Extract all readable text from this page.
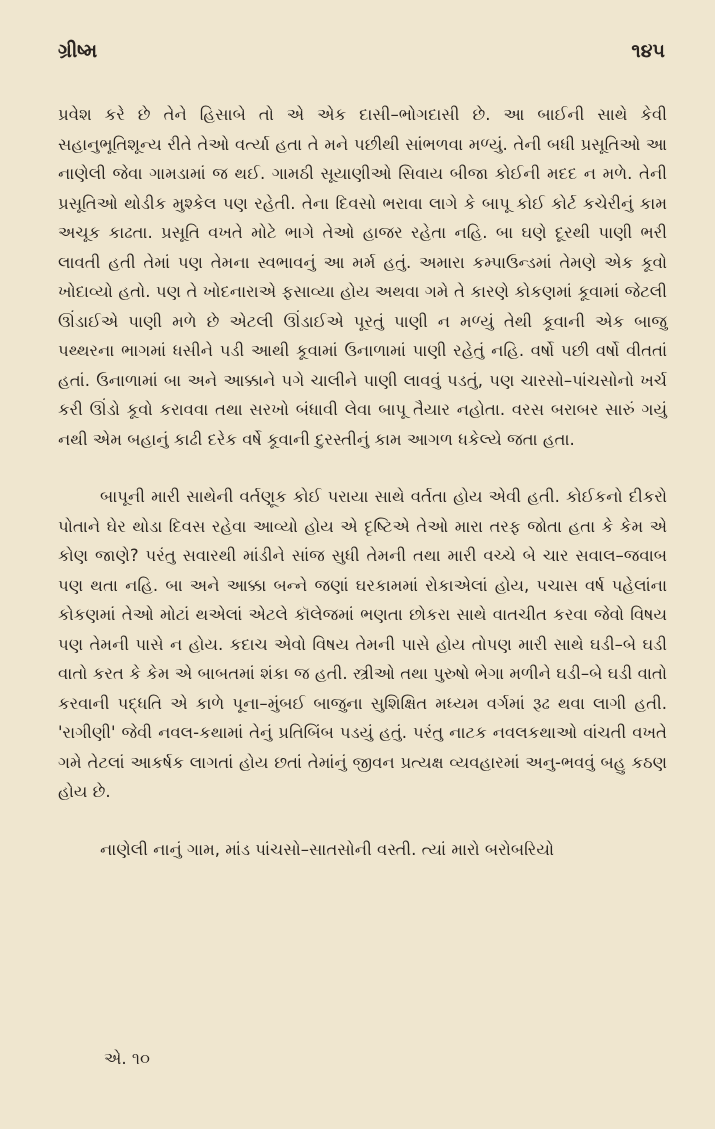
ગ્રીષ્મ	૧૪૫

પ્રવેશ કરે છે તેને હિસાબે તો એ એક દાસી–ભોગદાસી છે. આ બાઈની સાથે કેવી સહાનુભૂતિશૂન્ય રીતે તેઓ વર્ત્યા હતા તે મને પછીથી સાંભળવા મળ્યું. તેની બધી પ્રસૂતિઓ આ નાણેલી જેવા ગામડામાં જ થઈ. ગામઠી સૂયાણીઓ સિવાય બીજા કોઈની મદદ ન મળે. તેની પ્રસૂતિઓ થોડીક મુશ્કેલ પણ રહેતી. તેના દિવસો ભરાવા લાગે કે બાપૂ કોઈ કોર્ટ કચેરીનું કામ અચૂક કાઢતા. પ્રસૂતિ વખતે મોટે ભાગે તેઓ હાજર રહેતા નહિ. બા ઘણે દૂરથી પાણી ભરી લાવતી હતી તેમાં પણ તેમના સ્વભાવનું આ મર્મ હતું. અમારા કમ્પાઉન્ડમાં તેમણે એક કૂવો ખોદાવ્યો હતો. પણ તે ખોદનારાએ ફસાવ્યા હોય અથવા ગમે તે કારણે કોકણમાં કૂવામાં જેટલી ઊંડાઈએ પાણી મળે છે એટલી ઊંડાઈએ પૂરતું પાણી ન મળ્યું તેથી કૂવાની એક બાજુ પથ્થરના ભાગમાં ધસીને પડી આથી કૂવામાં ઉનાળામાં પાણી રહેતું નહિ. વર્ષો પછી વર્ષો વીતતાં હતાં. ઉનાળામાં બા અને આક્કાને પગે ચાલીને પાણી લાવવું પડતું, પણ ચારસો–પાંચસોનો ખર્ચ કરી ઊંડો કૂવો કરાવવા તથા સરખો બંધાવી લેવા બાપૂ તૈયાર નહોતા. વરસ બરાબર સારું ગયું નથી એમ બહાનું કાઢી દરેક વર્ષે કૂવાની દુરસ્તીનું કામ આગળ ધકેલ્યે જતા હતા.

બાપૂની મારી સાથેની વર્તણૂક કોઈ પરાયા સાથે વર્તતા હોય એવી હતી. કોઈકનો દીકરો પોતાને ઘેર થોડા દિવસ રહેવા આવ્યો હોય એ દૃષ્ટિએ તેઓ મારા તરફ જોતા હતા કે કેમ એ કોણ જાણે? પરંતુ સવારથી માંડીને સાંજ સુધી તેમની તથા મારી વચ્ચે બે ચાર સવાલ–જવાબ પણ થતા નહિ. બા અને આક્કા બન્ને જણાં ઘરકામમાં રોકાએલાં હોય, પચાસ વર્ષ પહેલાંના કોકણમાં તેઓ મોટાં થએલાં એટલે કૉલેજમાં ભણતા છોકરા સાથે વાતચીત કરવા જેવો વિષય પણ તેમની પાસે ન હોય. કદાચ એવો વિષય તેમની પાસે હોય તોપણ મારી સાથે ઘડી–બે ઘડી વાતો કરત કે કેમ એ બાબતમાં શંકા જ હતી. સ્ત્રીઓ તથા પુરુષો ભેગા મળીને ઘડી–બે ઘડી વાતો કરવાની પદ્ધતિ એ કાળે પૂના–મુંબઈ બાજુના સુશિક્ષિત મધ્યમ વર્ગમાં રૂઢ થવા લાગી હતી. 'રાગીણી' જેવી નવલ-કથામાં તેનું પ્રતિબિંબ પડયું હતું. પરંતુ નાટક નવલકથાઓ વાંચતી વખતે ગમે તેટલાં આકર્ષક લાગતાં હોય છતાં તેમાંનું જીવન પ્રત્યક્ષ વ્યવહારમાં અનુ-ભવવું બહુ કઠણ હોય છે.

નાણેલી નાનું ગામ, માંડ પાંચસો–સાતસોની વસ્તી. ત્યાં મારો બરોબરિયો

એ. ૧૦
